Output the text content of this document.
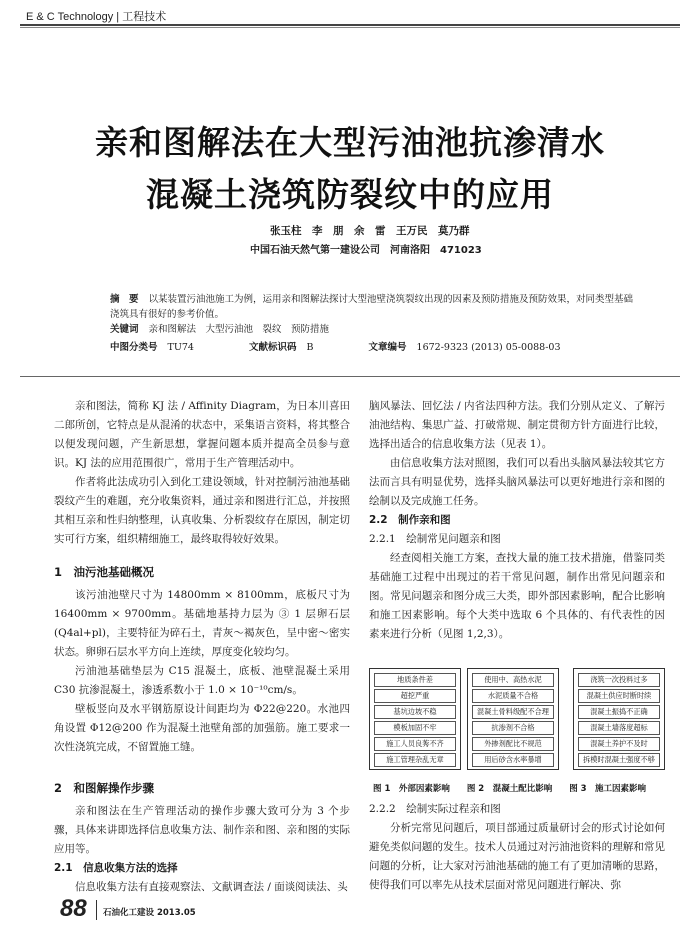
E & C Technology | 工程技术
亲和图解法在大型污油池抗渗清水
混凝土浇筑防裂纹中的应用
张玉柱　李　朋　余　雷　王万民　莫乃群
中国石油天然气第一建设公司　河南洛阳　471023
摘　要 以某装置污油池施工为例，运用亲和图解法探讨大型池壁浇筑裂纹出现的因素及预防措施及预防效果，对同类型基础浇筑具有很好的参考价值。
关键词 亲和图解法　大型污油池　裂纹　预防措施
中图分类号 TU74	文献标识码 B	文章编号 1672-9323 (2013) 05-0088-03

亲和图法，简称 KJ 法 / Affinity Diagram，为日本川喜田二郎所创，它特点是从混淆的状态中，采集语言资料，将其整合以便发现问题，产生新思想，掌握问题本质并提高全员参与意识。KJ 法的应用范围很广，常用于生产管理活动中。

作者将此法成功引入到化工建设领域，针对控制污油池基础裂纹产生的难题，充分收集资料，通过亲和图进行汇总，并按照其相互亲和性归纳整理，认真收集、分析裂纹存在原因，制定切实可行方案，组织精细施工，最终取得较好效果。

1　油污池基础概况

该污油池壁尺寸为 14800mm × 8100mm，底板尺寸为 16400mm × 9700mm。基础地基持力层为 ③ 1 层卵石层 (Q4al+pl)，主要特征为碎石土，青灰～褐灰色，呈中密～密实状态。卵卵石层水平方向上连续，厚度变化较均匀。

污油池基础垫层为 C15 混凝土，底板、池壁混凝土采用 C30 抗渗混凝土，渗透系数小于 1.0 × 10⁻¹⁰cm/s。

壁板竖向及水平钢筋原设计间距均为 Φ22@220。水池四角设置 Φ12@200 作为混凝土池壁角部的加强筋。施工要求一次性浇筑完成，不留置施工缝。

2　和图解操作步骤

亲和图法在生产管理活动的操作步骤大致可分为 3 个步骤，具体来讲即选择信息收集方法、制作亲和图、亲和图的实际应用等。

2.1　信息收集方法的选择

信息收集方法有直接观察法、文献调查法 / 面谈阅读法、头

脑风暴法、回忆法 / 内省法四种方法。我们分别从定义、了解污油池结构、集思广益、打破常规、制定贯彻方针方面进行比较，选择出适合的信息收集方法（见表 1）。

由信息收集方法对照图，我们可以看出头脑风暴法较其它方法而言具有明显优势，选择头脑风暴法可以更好地进行亲和图的绘制以及完成施工任务。

2.2　制作亲和图
2.2.1　绘制常见问题亲和图

经查阅相关施工方案，查找大量的施工技术措施，借鉴同类基础施工过程中出现过的若干常见问题，制作出常见问题亲和图。常见问题亲和图分成三大类，即外部因素影响，配合比影响和施工因素影响。每个大类中选取 6 个具体的、有代表性的因素来进行分析（见图 1,2,3）。

地质条件差
超挖严重
基坑边坡不稳
模板加固不牢
施工人员良莠不齐
施工管理杂乱无章
使用中、高热水泥
水泥质量不合格
混凝土骨料级配不合理
抗渗剂不合格
外掺剂配比不规范
用后砂含水率暴增
浇筑一次投料过多
混凝土供应时断时续
混凝土振捣不正确
混凝土墙落度超标
混凝土养护不及时
拆模时混凝土强度不够
图 1　外部因素影响 图 2　混凝土配比影响 图 3　施工因素影响
2.2.2　绘制实际过程亲和图

分析完常见问题后，项目部通过质量研讨会的形式讨论如何避免类似问题的发生。技术人员通过对污油池资料的理解和常见问题的分析，让大家对污油池基础的施工有了更加清晰的思路，使得我们可以率先从技术层面对常见问题进行解决、弥

88 石油化工建设 2013.05
